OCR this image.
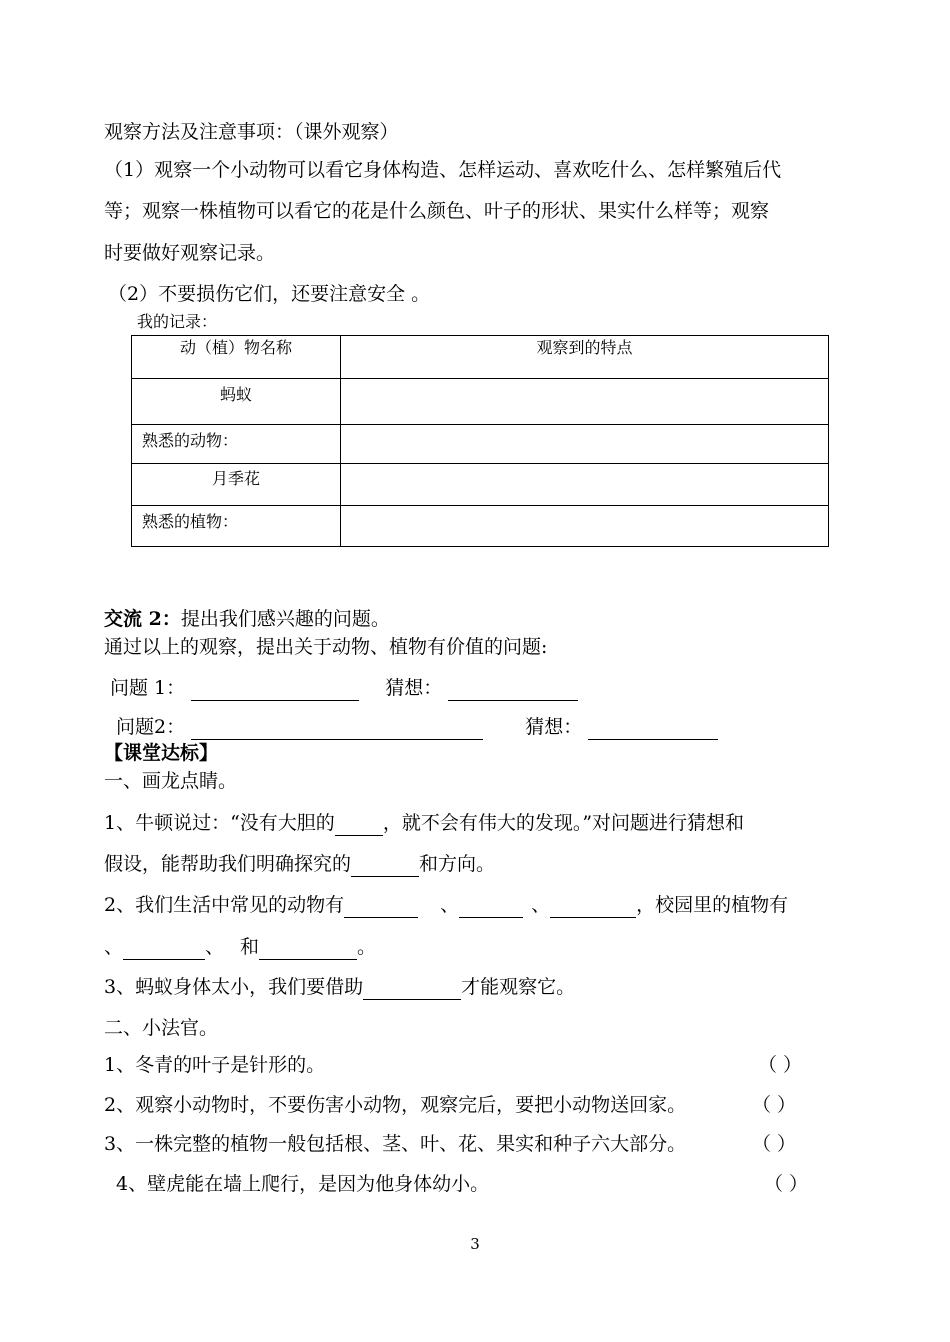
观察方法及注意事项：（课外观察）
（1）观察一个小动物可以看它身体构造、怎样运动、喜欢吃什么、怎样繁殖后代
等；观察一株植物可以看它的花是什么颜色、叶子的形状、果实什么样等；观察
时要做好观察记录。
（2）不要损伤它们，还要注意安全 。
我的记录：
动（植）物名称	观察到的特点
蚂蚁	
熟悉的动物：	
月季花	
熟悉的植物：	
交流 2：提出我们感兴趣的问题。
通过以上的观察，提出关于动物、植物有价值的问题:
问题 1：	猜想：
问题2：	猜想：
【课堂达标】
一、画龙点睛。
1、牛顿说过：“没有大胆的	，就不会有伟大的发现。”对问题进行猜想和
假设，能帮助我们明确探究的	和方向。
2、我们生活中常见的动物有	、	、	，校园里的植物有
、	、 和	。
3、蚂蚁身体太小，我们要借助	才能观察它。
二、小法官。
1、冬青的叶子是针形的。	（ ）
2、观察小动物时，不要伤害小动物，观察完后，要把小动物送回家。	（ ）
3、一株完整的植物一般包括根、茎、叶、花、果实和种子六大部分。	（ ）
4、壁虎能在墙上爬行，是因为他身体幼小。	（ ）
3
